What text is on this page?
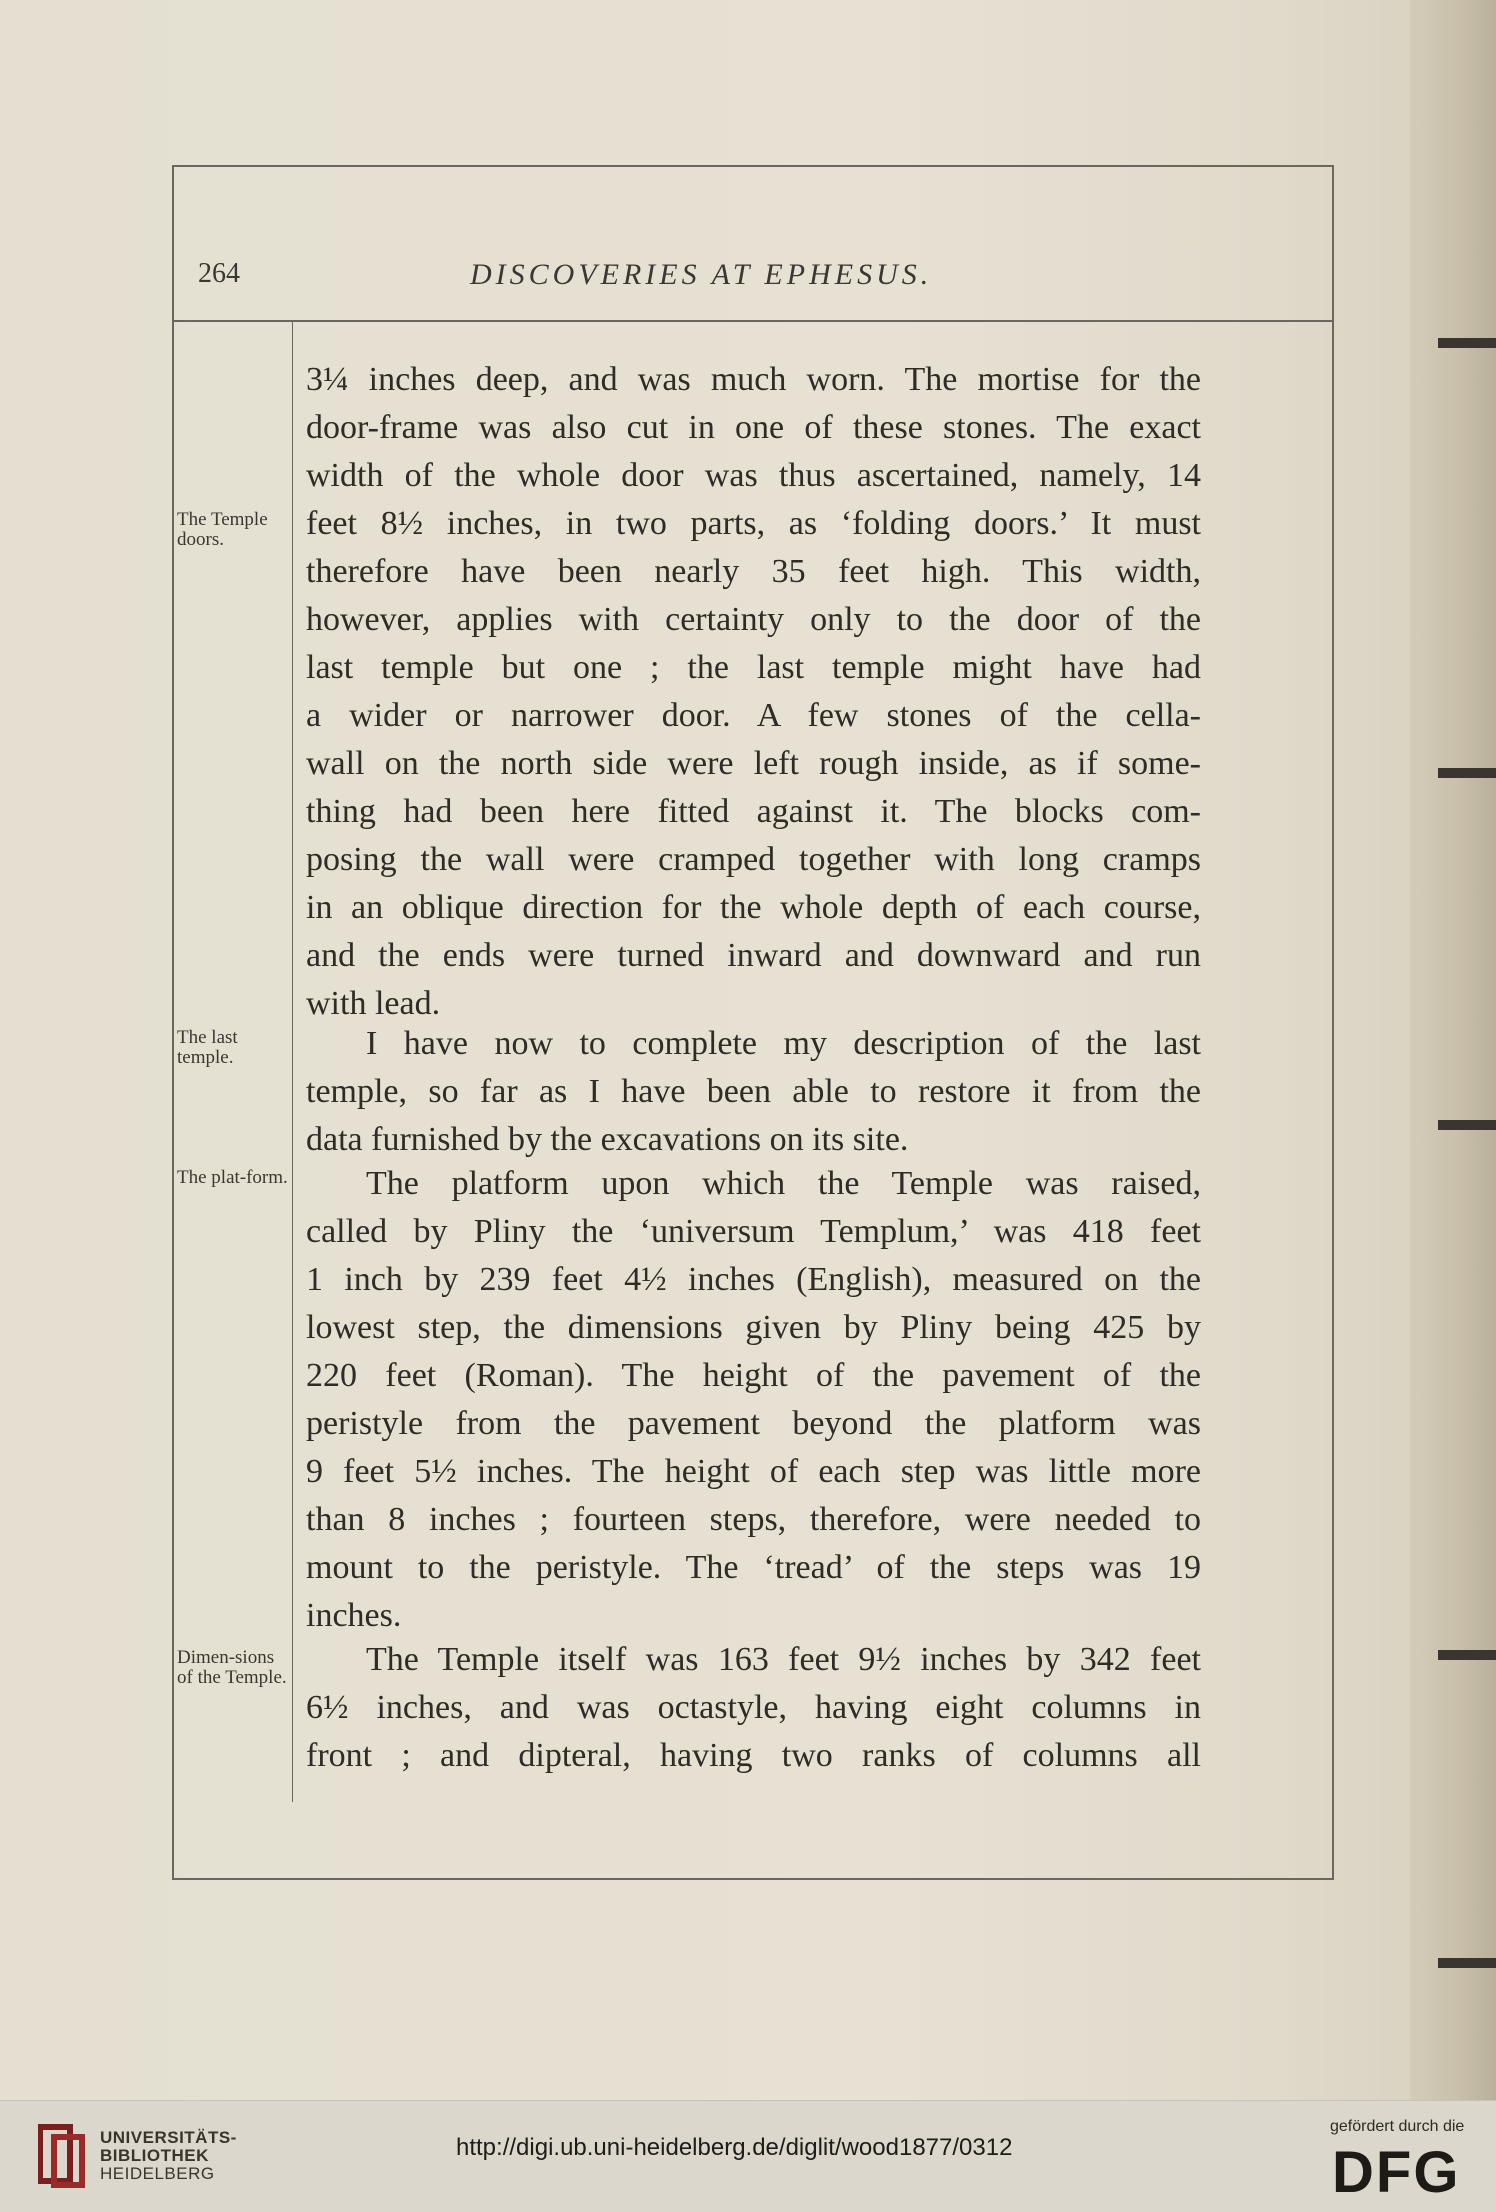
264	DISCOVERIES AT EPHESUS.
The Temple doors.
The last temple.
The plat-form.
Dimen-sions of the Temple.
3¼ inches deep, and was much worn. The mortise for the
door-frame was also cut in one of these stones. The exact
width of the whole door was thus ascertained, namely, 14
feet 8½ inches, in two parts, as ‘folding doors.’ It must
therefore have been nearly 35 feet high. This width,
however, applies with certainty only to the door of the
last temple but one ; the last temple might have had
a wider or narrower door. A few stones of the cella-
wall on the north side were left rough inside, as if some-
thing had been here fitted against it. The blocks com-
posing the wall were cramped together with long cramps
in an oblique direction for the whole depth of each course,
and the ends were turned inward and downward and run
with lead.
I have now to complete my description of the last
temple, so far as I have been able to restore it from the
data furnished by the excavations on its site.
The platform upon which the Temple was raised,
called by Pliny the ‘universum Templum,’ was 418 feet
1 inch by 239 feet 4½ inches (English), measured on the
lowest step, the dimensions given by Pliny being 425 by
220 feet (Roman). The height of the pavement of the
peristyle from the pavement beyond the platform was
9 feet 5½ inches. The height of each step was little more
than 8 inches ; fourteen steps, therefore, were needed to
mount to the peristyle. The ‘tread’ of the steps was 19
inches.
The Temple itself was 163 feet 9½ inches by 342 feet
6½ inches, and was octastyle, having eight columns in
front ; and dipteral, having two ranks of columns all
UNIVERSITÄTS-
BIBLIOTHEK
HEIDELBERG
http://digi.ub.uni-heidelberg.de/diglit/wood1877/0312
gefördert durch die
DFG
